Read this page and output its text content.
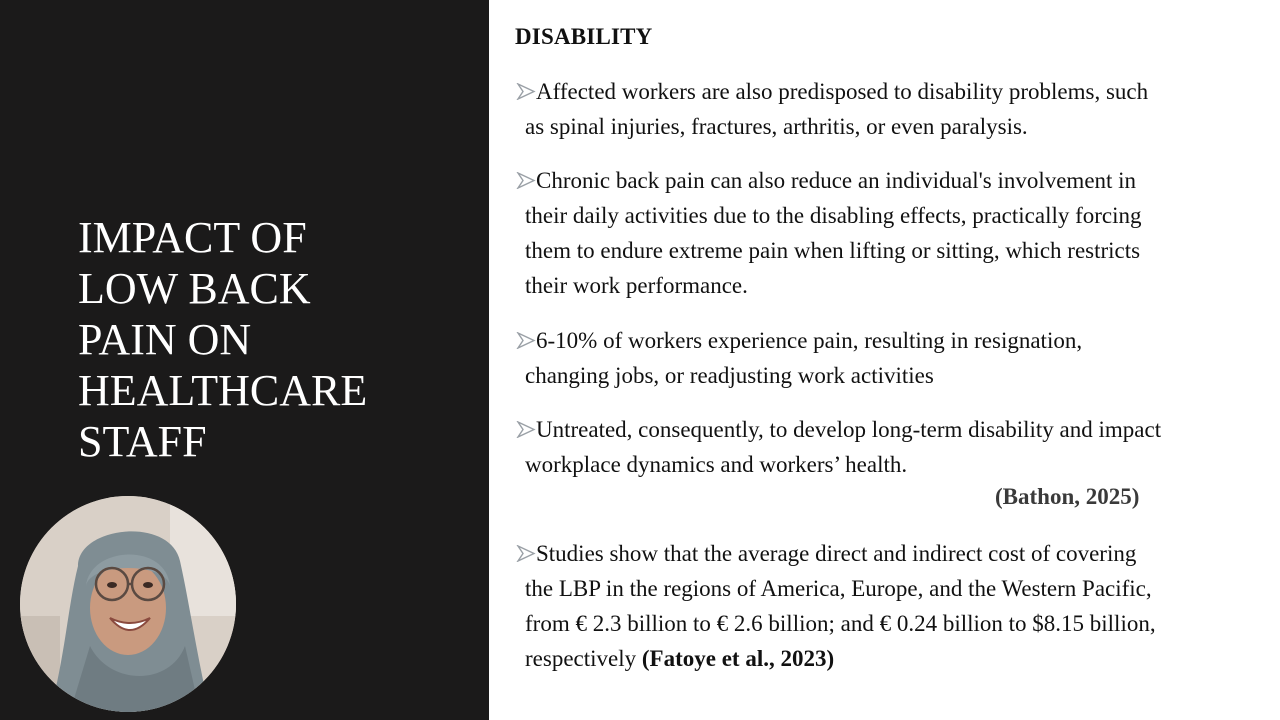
IMPACT OF
LOW BACK
PAIN ON
HEALTHCARE
STAFF
DISABILITY
Affected workers are also predisposed to disability problems, such
as spinal injuries, fractures, arthritis, or even paralysis.
Chronic back pain can also reduce an individual's involvement in
their daily activities due to the disabling effects, practically forcing
them to endure extreme pain when lifting or sitting, which restricts
their work performance.
6-10% of workers experience pain, resulting in resignation,
changing jobs, or readjusting work activities
Untreated, consequently, to develop long-term disability and impact
workplace dynamics and workers’ health.
(Bathon, 2025)
Studies show that the average direct and indirect cost of covering
the LBP in the regions of America, Europe, and the Western Pacific,
from € 2.3 billion to € 2.6 billion; and € 0.24 billion to $8.15 billion,
respectively (Fatoye et al., 2023)
